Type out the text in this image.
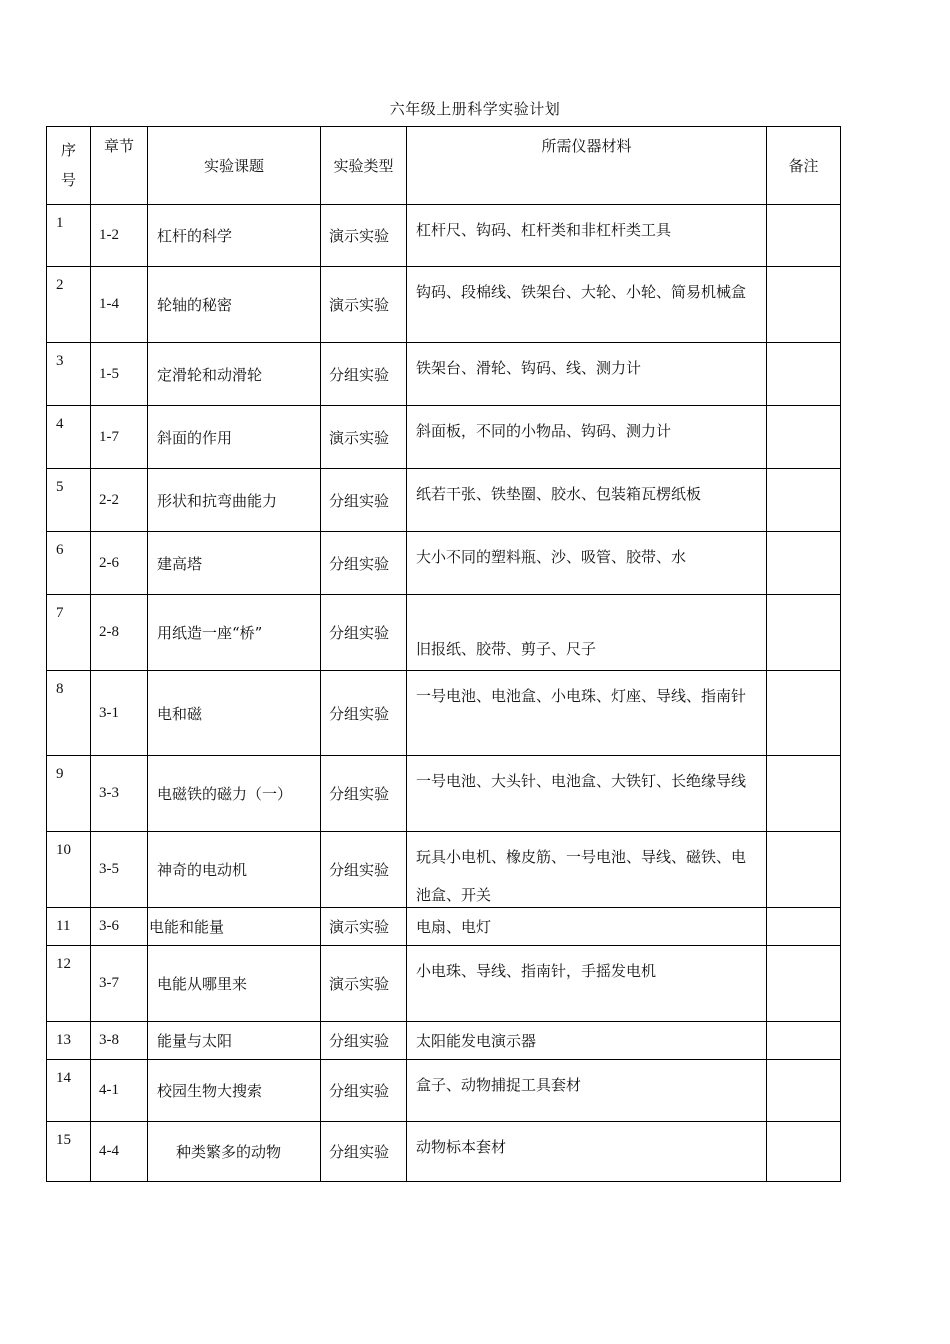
六年级上册科学实验计划
序号	章节	实验课题	实验类型	所需仪器材料	备注

1	1-2	杠杆的科学	演示实验	杠杆尺、钩码、杠杆类和非杠杆类工具	

2	1-4	轮轴的秘密	演示实验	钩码、段棉线、铁架台、大轮、小轮、简易机械盒	

3	1-5	定滑轮和动滑轮	分组实验	铁架台、滑轮、钩码、线、测力计	

4	1-7	斜面的作用	演示实验	斜面板，不同的小物品、钩码、测力计	

5	2-2	形状和抗弯曲能力	分组实验	纸若干张、铁垫圈、胶水、包装箱瓦楞纸板	

6	2-6	建高塔	分组实验	大小不同的塑料瓶、沙、吸管、胶带、水	

7	2-8	用纸造一座“桥”	分组实验	旧报纸、胶带、剪子、尺子	

8	3-1	电和磁	分组实验	一号电池、电池盒、小电珠、灯座、导线、指南针	

9	3-3	电磁铁的磁力（一）	分组实验	一号电池、大头针、电池盒、大铁钉、长绝缘导线	

10	3-5	神奇的电动机	分组实验	玩具小电机、橡皮筋、一号电池、导线、磁铁、电池盒、开关	

11	3-6	电能和能量	演示实验	电扇、电灯	

12	3-7	电能从哪里来	演示实验	小电珠、导线、指南针，手摇发电机	

13	3-8	能量与太阳	分组实验	太阳能发电演示器	

14	4-1	校园生物大搜索	分组实验	盒子、动物捕捉工具套材	

15	4-4	种类繁多的动物	分组实验	动物标本套材	
